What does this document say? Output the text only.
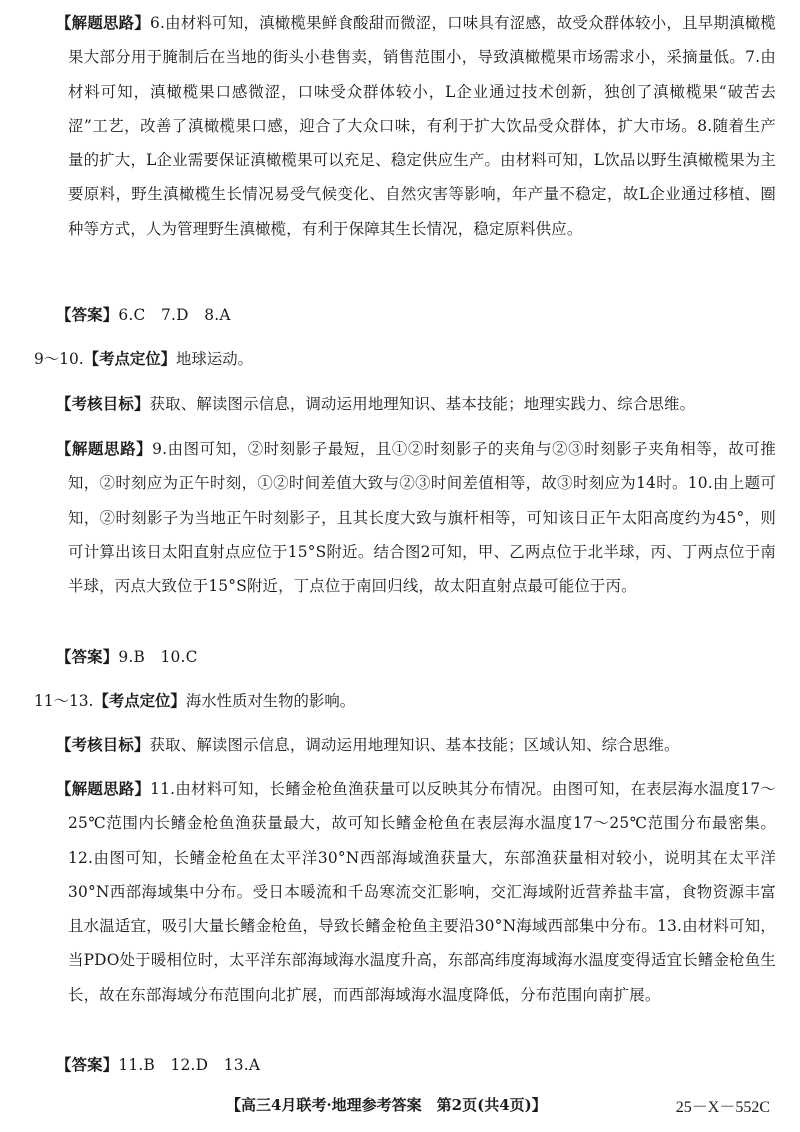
【解题思路】6.由材料可知，滇橄榄果鲜食酸甜而微涩，口味具有涩感，故受众群体较小，且早期滇橄榄果大部分用于腌制后在当地的街头小巷售卖，销售范围小，导致滇橄榄果市场需求小，采摘量低。7.由材料可知，滇橄榄果口感微涩，口味受众群体较小，L企业通过技术创新，独创了滇橄榄果“破苦去涩”工艺，改善了滇橄榄果口感，迎合了大众口味，有利于扩大饮品受众群体，扩大市场。8.随着生产量的扩大，L企业需要保证滇橄榄果可以充足、稳定供应生产。由材料可知，L饮品以野生滇橄榄果为主要原料，野生滇橄榄生长情况易受气候变化、自然灾害等影响，年产量不稳定，故L企业通过移植、圈种等方式，人为管理野生滇橄榄，有利于保障其生长情况，稳定原料供应。

【答案】6.C　7.D　8.A

9～10.【考点定位】地球运动。

【考核目标】获取、解读图示信息，调动运用地理知识、基本技能；地理实践力、综合思维。

【解题思路】9.由图可知，②时刻影子最短，且①②时刻影子的夹角与②③时刻影子夹角相等，故可推知，②时刻应为正午时刻，①②时间差值大致与②③时间差值相等，故③时刻应为14时。10.由上题可知，②时刻影子为当地正午时刻影子，且其长度大致与旗杆相等，可知该日正午太阳高度约为45°，则可计算出该日太阳直射点应位于15°S附近。结合图2可知，甲、乙两点位于北半球，丙、丁两点位于南半球，丙点大致位于15°S附近，丁点位于南回归线，故太阳直射点最可能位于丙。

【答案】9.B　10.C

11～13.【考点定位】海水性质对生物的影响。

【考核目标】获取、解读图示信息，调动运用地理知识、基本技能；区域认知、综合思维。

【解题思路】11.由材料可知，长鳍金枪鱼渔获量可以反映其分布情况。由图可知，在表层海水温度17～25℃范围内长鳍金枪鱼渔获量最大，故可知长鳍金枪鱼在表层海水温度17～25℃范围分布最密集。12.由图可知，长鳍金枪鱼在太平洋30°N西部海域渔获量大，东部渔获量相对较小，说明其在太平洋30°N西部海域集中分布。受日本暖流和千岛寒流交汇影响，交汇海域附近营养盐丰富，食物资源丰富且水温适宜，吸引大量长鳍金枪鱼，导致长鳍金枪鱼主要沿30°N海域西部集中分布。13.由材料可知，当PDO处于暖相位时，太平洋东部海域海水温度升高，东部高纬度海域海水温度变得适宜长鳍金枪鱼生长，故在东部海域分布范围向北扩展，而西部海域海水温度降低，分布范围向南扩展。

【答案】11.B　12.D　13.A

【高三4月联考·地理参考答案　第2页(共4页)】	25－X－552C
